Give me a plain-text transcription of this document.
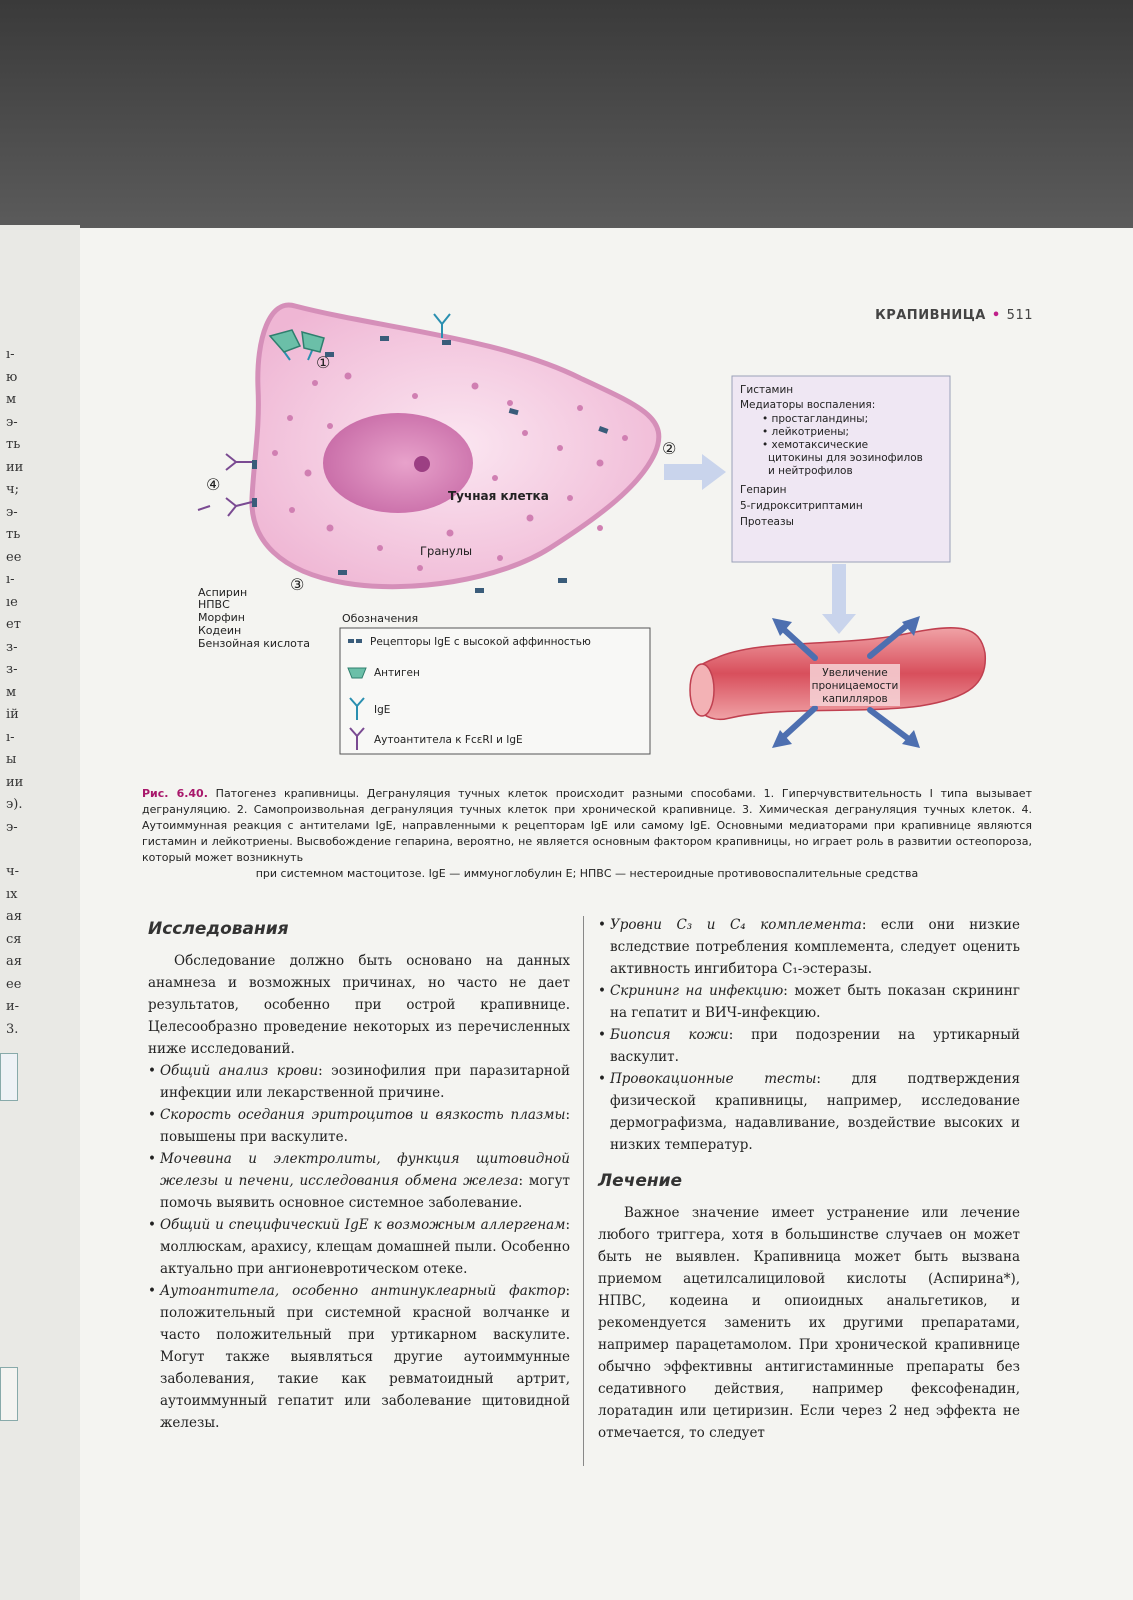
ı-
ю
м
э-
ть
ии
ч;
э-
ть
ее
ı-
ıe
ет
з-
з-
м
ій
ı-
ы
ии
э).
э-
ч-
ıx
ая
ся
ая
ее
и-
3.
КРАПИВНИЦА • 511
Тучная клетка
Гранулы
①
②
③
④
Гистамин
Медиаторы воспаления:
• простагландины;
• лейкотриены;
• хемотаксические
цитокины для эозинофилов
и нейтрофилов
Гепарин
5-гидрокситриптамин
Протеазы
Увеличение
проницаемости
капилляров
Аспирин
НПВС
Морфин
Кодеин
Бензойная кислота
Обозначения
Рецепторы IgE с высокой аффинностью
Антиген
IgE
Аутоантитела к FcεRI и IgE
Рис. 6.40. Патогенез крапивницы. Дегрануляция тучных клеток происходит разными способами. 1. Гиперчувствительность I типа вызывает дегрануляцию. 2. Самопроизвольная дегрануляция тучных клеток при хронической крапивнице. 3. Химическая дегрануляция тучных клеток. 4. Аутоиммунная реакция с антителами IgE, направленными к рецепторам IgE или самому IgE. Основными медиаторами при крапивнице являются гистамин и лейкотриены. Высвобождение гепарина, вероятно, не является основным фактором крапивницы, но играет роль в развитии остеопороза, который может возникнуть
при системном мастоцитозе. IgE — иммуноглобулин E; НПВС — нестероидные противовоспалительные средства
Исследования

Обследование должно быть основано на данных анамнеза и возможных причинах, но часто не дает результатов, особенно при острой крапивнице. Целесообразно проведение некоторых из перечисленных ниже исследований.

• Общий анализ крови: эозинофилия при паразитарной инфекции или лекарственной причине.
• Скорость оседания эритроцитов и вязкость плазмы: повышены при васкулите.
• Мочевина и электролиты, функция щитовидной железы и печени, исследования обмена железа: могут помочь выявить основное системное заболевание.
• Общий и специфический IgE к возможным аллергенам: моллюскам, арахису, клещам домашней пыли. Особенно актуально при ангионевротическом отеке.
• Аутоантитела, особенно антинуклеарный фактор: положительный при системной красной волчанке и часто положительный при уртикарном васкулите. Могут также выявляться другие аутоиммунные заболевания, такие как ревматоидный артрит, аутоиммунный гепатит или заболевание щитовидной железы.
• Уровни C₃ и C₄ комплемента: если они низкие вследствие потребления комплемента, следует оценить активность ингибитора C₁-эстеразы.
• Скрининг на инфекцию: может быть показан скрининг на гепатит и ВИЧ-инфекцию.
• Биопсия кожи: при подозрении на уртикарный васкулит.
• Провокационные тесты: для подтверждения физической крапивницы, например, исследование дермографизма, надавливание, воздействие высоких и низких температур.
Лечение

Важное значение имеет устранение или лечение любого триггера, хотя в большинстве случаев он может быть не выявлен. Крапивница может быть вызвана приемом ацетилсалициловой кислоты (Аспирина*), НПВС, кодеина и опиоидных анальгетиков, и рекомендуется заменить их другими препаратами, например парацетамолом. При хронической крапивнице обычно эффективны антигистаминные препараты без седативного действия, например фексофенадин, лоратадин или цетиризин. Если через 2 нед эффекта не отмечается, то следует
